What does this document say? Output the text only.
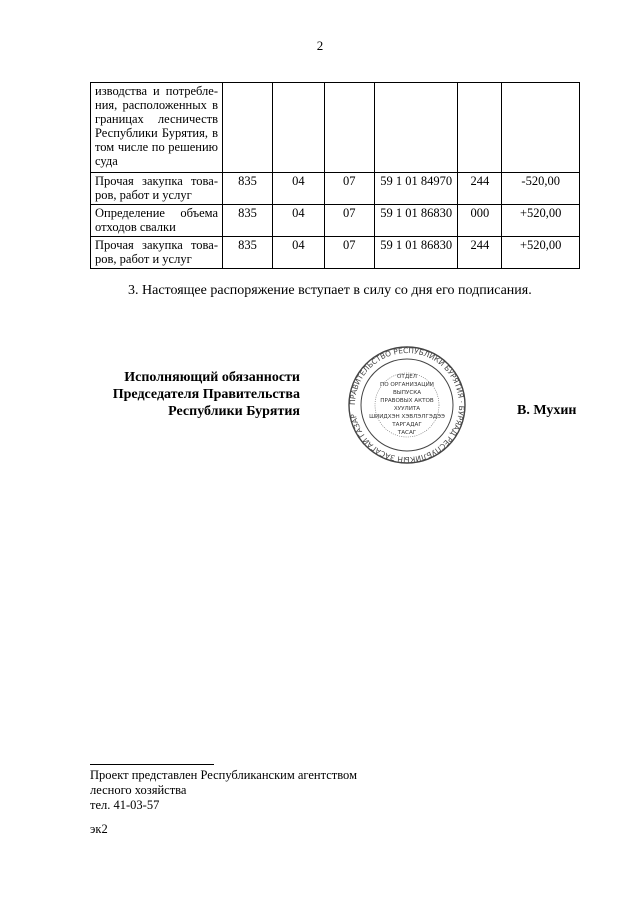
2
изводства и потребле-ния, расположенных в границах лесничеств Республики Бурятия, в том числе по решению суда						
Прочая закупка това-ров, работ и услуг	835	04	07	59 1 01 84970	244	-520,00
Определение объема отходов свалки	835	04	07	59 1 01 86830	000	+520,00
Прочая закупка това-ров, работ и услуг	835	04	07	59 1 01 86830	244	+520,00
3. Настоящее распоряжение вступает в силу со дня его подписания.
Исполняющий обязанности
Председателя Правительства
Республики Бурятия
ПРАВИТЕЛЬСТВО РЕСПУБЛИКИ БУРЯТИЯ · БУРЯАД РЕСПУБЛИКЫН ЗАСАГАЙ ГАЗАР
ОТДЕЛ
ПО ОРГАНИЗАЦИИ
ВЫПУСКА
ПРАВОВЫХ АКТОВ
ХУУЛИТА
ШИИДХЭН ХЭВЛЭЛГЭДЭЭ
ТАРГАДАГ
ТАСАГ
В. Мухин
Проект представлен Республиканским агентством
лесного хозяйства
тел. 41-03-57
эк2
